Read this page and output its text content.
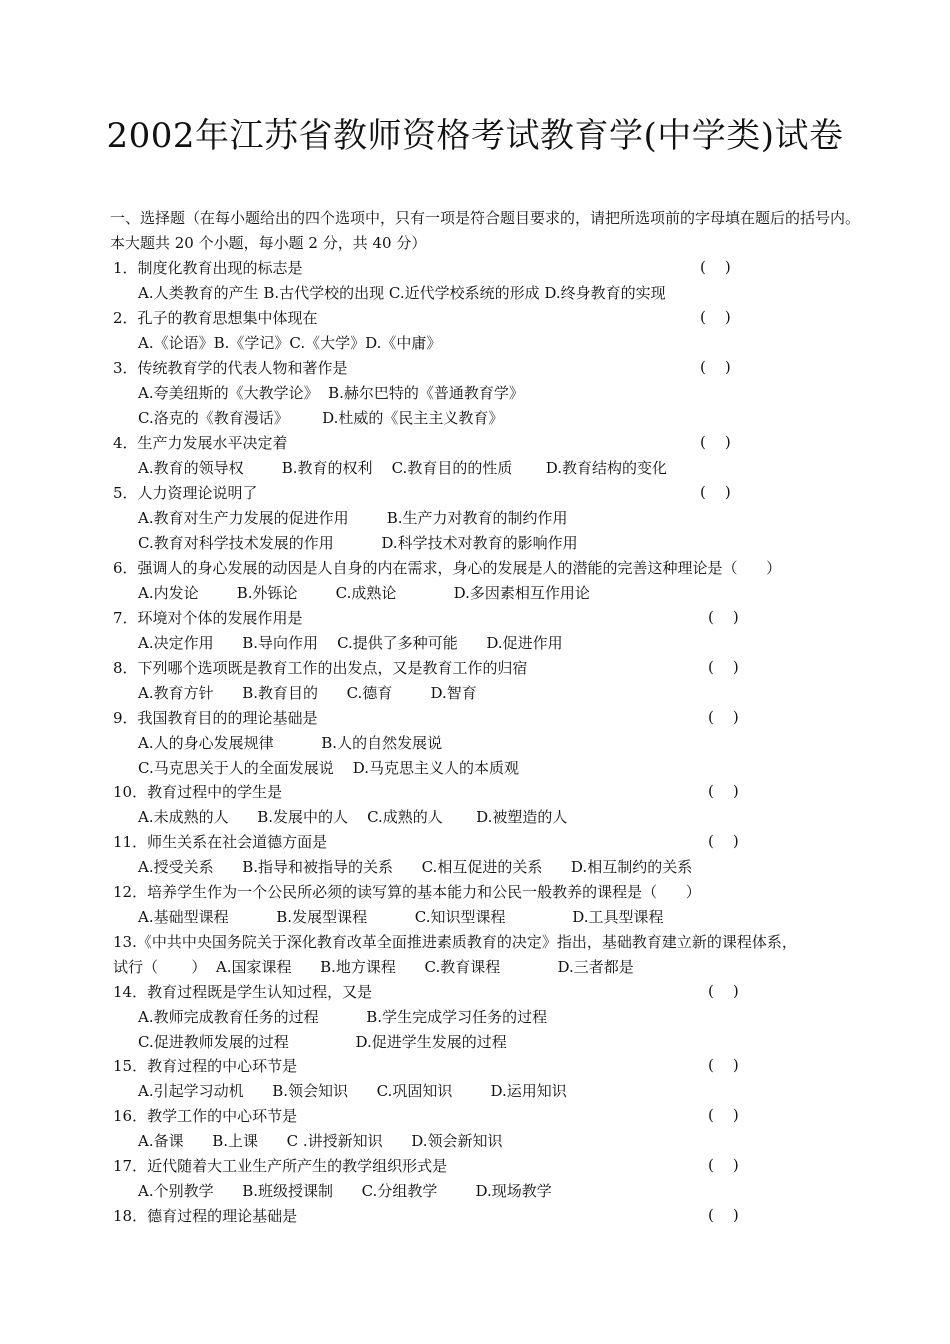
2002年江苏省教师资格考试教育学(中学类)试卷
一、选择题（在每小题给出的四个选项中，只有一项是符合题目要求的，请把所选项前的字母填在题后的括号内。本大题共 20 个小题，每小题 2 分，共 40 分）
1．制度化教育出现的标志是	(    )
A.人类教育的产生 B.古代学校的出现 C.近代学校系统的形成 D.终身教育的实现
2．孔子的教育思想集中体现在	(    )
A.《论语》B.《学记》C.《大学》D.《中庸》
3．传统教育学的代表人物和著作是	(    )
A.夸美纽斯的《大教学论》  B.赫尔巴特的《普通教育学》
C.洛克的《教育漫话》       D.杜威的《民主主义教育》
4．生产力发展水平决定着	(    )
A.教育的领导权        B.教育的权利    C.教育目的的性质       D.教育结构的变化
5．人力资理论说明了	(    )
A.教育对生产力发展的促进作用        B.生产力对教育的制约作用
C.教育对科学技术发展的作用          D.科学技术对教育的影响作用
6．强调人的身心发展的动因是人自身的内在需求，身心的发展是人的潜能的完善这种理论是（      ）
A.内发论        B.外铄论        C.成熟论            D.多因素相互作用论
7．环境对个体的发展作用是	(    )
A.决定作用      B.导向作用    C.提供了多种可能      D.促进作用
8．下列哪个选项既是教育工作的出发点，又是教育工作的归宿	(    )
A.教育方针      B.教育目的      C.德育        D.智育
9．我国教育目的的理论基础是	(    )
A.人的身心发展规律          B.人的自然发展说
C.马克思关于人的全面发展说    D.马克思主义人的本质观
10．教育过程中的学生是	(    )
A.未成熟的人      B.发展中的人    C.成熟的人       D.被塑造的人
11．师生关系在社会道德方面是	(    )
A.授受关系      B.指导和被指导的关系      C.相互促进的关系      D.相互制约的关系
12．培养学生作为一个公民所必须的读写算的基本能力和公民一般教养的课程是（      ）
A.基础型课程          B.发展型课程          C.知识型课程              D.工具型课程
13.《中共中央国务院关于深化教育改革全面推进素质教育的决定》指出，基础教育建立新的课程体系，
试行（       ）  A.国家课程      B.地方课程      C.教育课程            D.三者都是
14．教育过程既是学生认知过程，又是	(    )
A.教师完成教育任务的过程          B.学生完成学习任务的过程
C.促进教师发展的过程              D.促进学生发展的过程
15．教育过程的中心环节是	(    )
A.引起学习动机      B.领会知识      C.巩固知识        D.运用知识
16．教学工作的中心环节是	(    )
A.备课      B.上课      C .讲授新知识      D.领会新知识
17．近代随着大工业生产所产生的教学组织形式是	(    )
A.个别教学      B.班级授课制      C.分组教学        D.现场教学
18．德育过程的理论基础是	(    )
